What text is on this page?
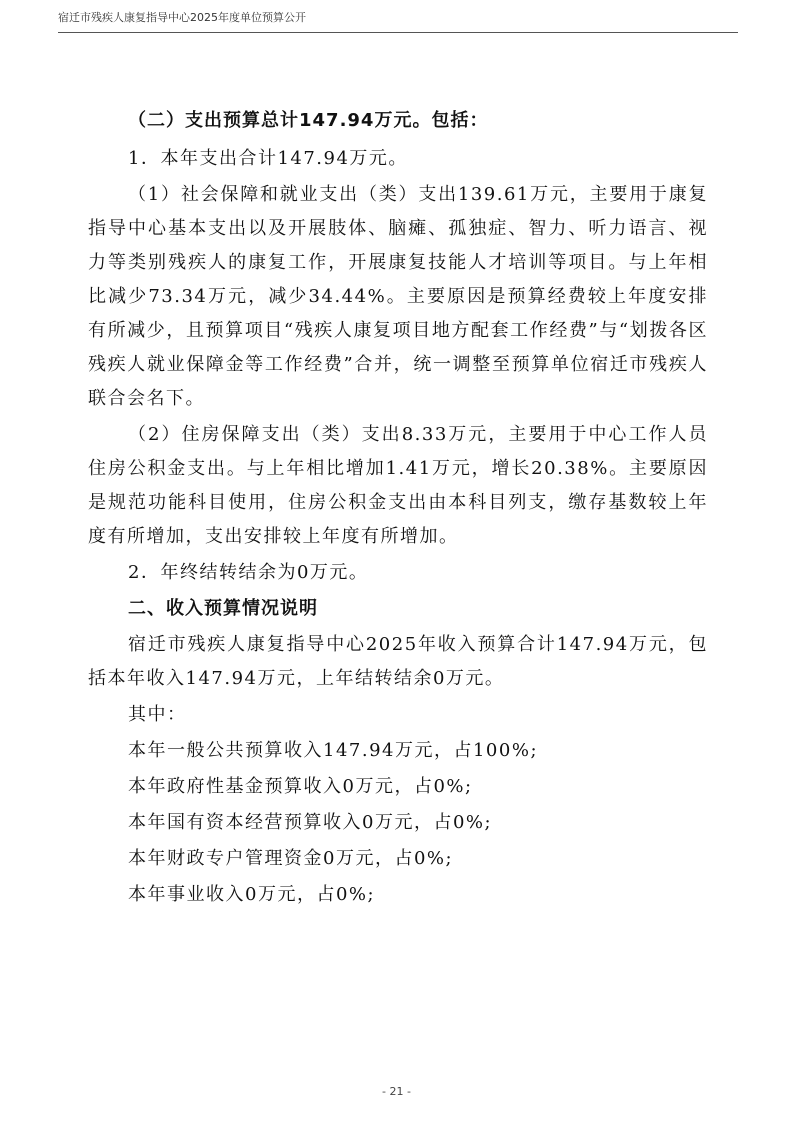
宿迁市残疾人康复指导中心2025年度单位预算公开

（二）支出预算总计147.94万元。包括：

1．本年支出合计147.94万元。

（1）社会保障和就业支出（类）支出139.61万元，主要用于康复指导中心基本支出以及开展肢体、脑瘫、孤独症、智力、听力语言、视力等类别残疾人的康复工作，开展康复技能人才培训等项目。与上年相比减少73.34万元，减少34.44%。主要原因是预算经费较上年度安排有所减少，且预算项目“残疾人康复项目地方配套工作经费”与“划拨各区残疾人就业保障金等工作经费”合并，统一调整至预算单位宿迁市残疾人联合会名下。

（2）住房保障支出（类）支出8.33万元，主要用于中心工作人员住房公积金支出。与上年相比增加1.41万元，增长20.38%。主要原因是规范功能科目使用，住房公积金支出由本科目列支，缴存基数较上年度有所增加，支出安排较上年度有所增加。

2．年终结转结余为0万元。

二、收入预算情况说明

宿迁市残疾人康复指导中心2025年收入预算合计147.94万元，包括本年收入147.94万元，上年结转结余0万元。

其中：

本年一般公共预算收入147.94万元，占100%;

本年政府性基金预算收入0万元，占0%;

本年国有资本经营预算收入0万元，占0%;

本年财政专户管理资金0万元，占0%;

本年事业收入0万元，占0%;

- 21 -
